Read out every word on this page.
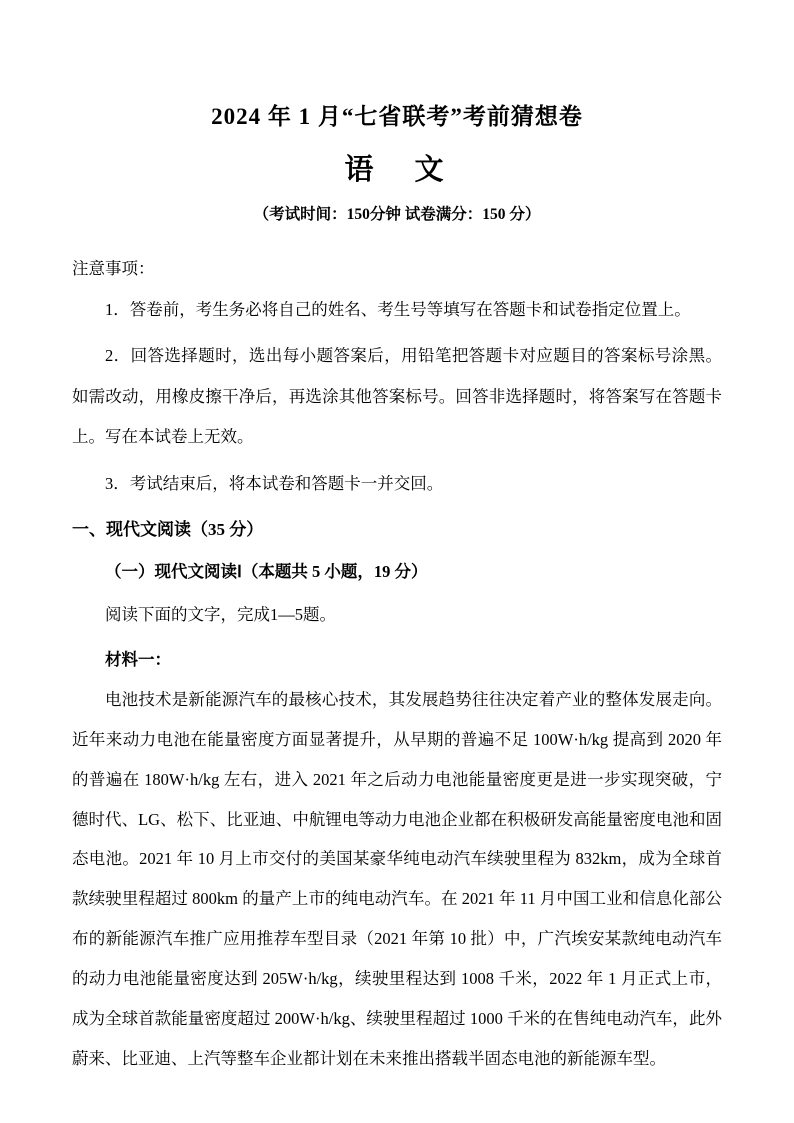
2024 年 1 月“七省联考”考前猜想卷
语　文

（考试时间：150分钟 试卷满分：150 分）

注意事项：

1．答卷前，考生务必将自己的姓名、考生号等填写在答题卡和试卷指定位置上。

2．回答选择题时，选出每小题答案后，用铅笔把答题卡对应题目的答案标号涂黑。如需改动，用橡皮擦干净后，再选涂其他答案标号。回答非选择题时，将答案写在答题卡上。写在本试卷上无效。

3．考试结束后，将本试卷和答题卡一并交回。

一、现代文阅读（35 分）

（一）现代文阅读Ⅰ（本题共 5 小题，19 分）

阅读下面的文字，完成1—5题。

材料一：

电池技术是新能源汽车的最核心技术，其发展趋势往往决定着产业的整体发展走向。近年来动力电池在能量密度方面显著提升，从早期的普遍不足 100W·h/kg 提高到 2020 年的普遍在 180W·h/kg 左右，进入 2021 年之后动力电池能量密度更是进一步实现突破，宁德时代、LG、松下、比亚迪、中航锂电等动力电池企业都在积极研发高能量密度电池和固态电池。2021 年 10 月上市交付的美国某豪华纯电动汽车续驶里程为 832km，成为全球首款续驶里程超过 800km 的量产上市的纯电动汽车。在 2021 年 11 月中国工业和信息化部公布的新能源汽车推广应用推荐车型目录（2021 年第 10 批）中，广汽埃安某款纯电动汽车的动力电池能量密度达到 205W·h/kg，续驶里程达到 1008 千米，2022 年 1 月正式上市，成为全球首款能量密度超过 200W·h/kg、续驶里程超过 1000 千米的在售纯电动汽车，此外蔚来、比亚迪、上汽等整车企业都计划在未来推出搭载半固态电池的新能源车型。
